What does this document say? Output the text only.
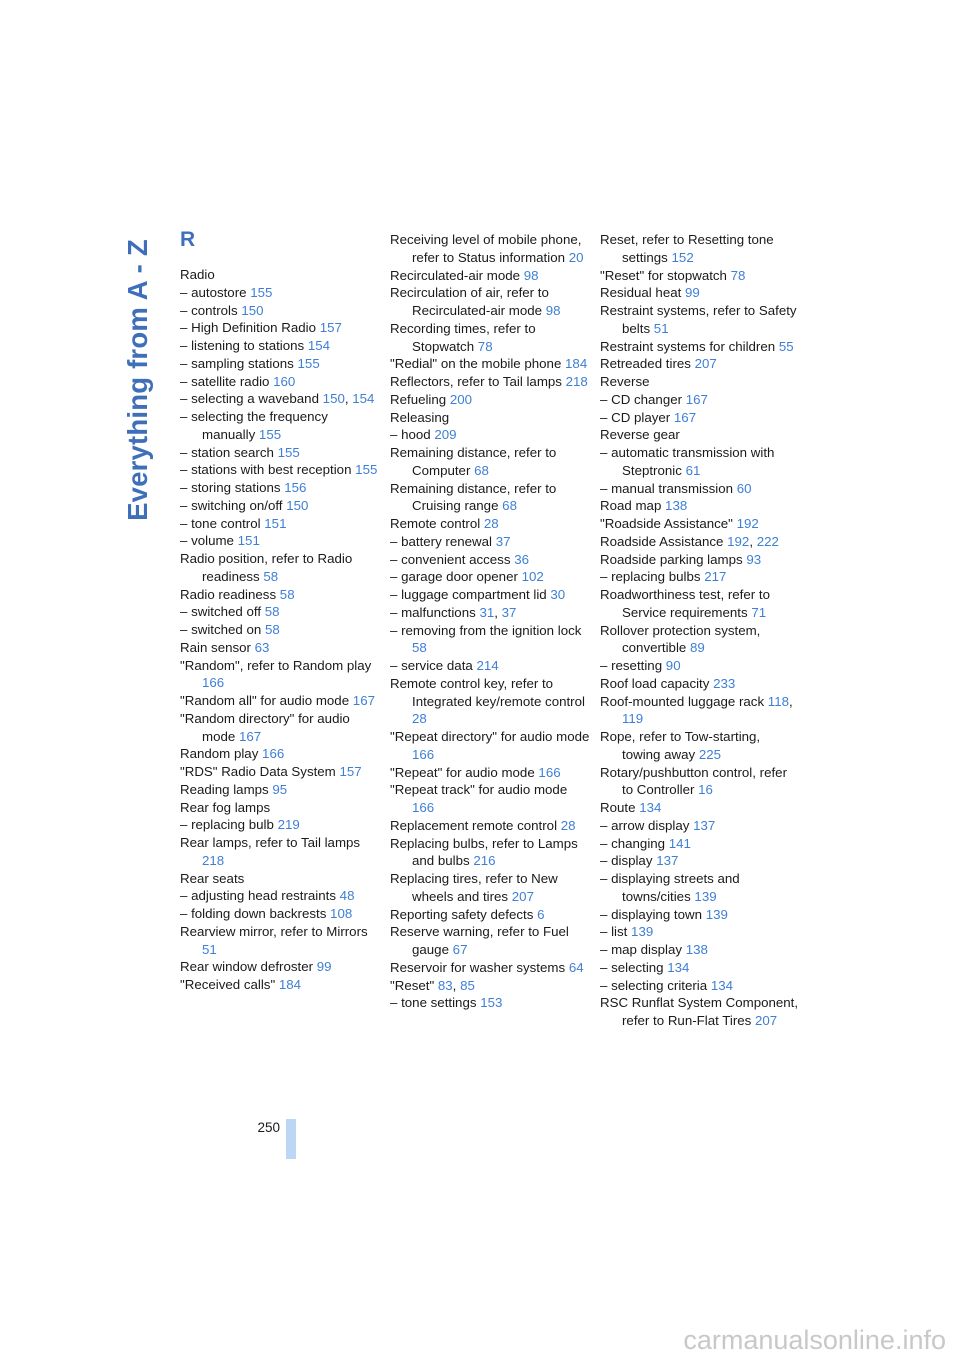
Everything from A - Z R
Radio
– autostore 155
– controls 150
– High Definition Radio 157
– listening to stations 154
– sampling stations 155
– satellite radio 160
– selecting a waveband 150, 154
– selecting the frequency manually 155
– station search 155
– stations with best reception 155
– storing stations 156
– switching on/off 150
– tone control 151
– volume 151
Radio position, refer to Radio readiness 58
Radio readiness 58
– switched off 58
– switched on 58
Rain sensor 63
"Random", refer to Random play 166
"Random all" for audio mode 167
"Random directory" for audio mode 167
Random play 166
"RDS" Radio Data System 157
Reading lamps 95
Rear fog lamps
– replacing bulb 219
Rear lamps, refer to Tail lamps 218
Rear seats
– adjusting head restraints 48
– folding down backrests 108
Rearview mirror, refer to Mirrors 51
Rear window defroster 99
"Received calls" 184
Receiving level of mobile phone, refer to Status information 20
Recirculated-air mode 98
Recirculation of air, refer to Recirculated-air mode 98
Recording times, refer to Stopwatch 78
"Redial" on the mobile phone 184
Reflectors, refer to Tail lamps 218
Refueling 200
Releasing
– hood 209
Remaining distance, refer to Computer 68
Remaining distance, refer to Cruising range 68
Remote control 28
– battery renewal 37
– convenient access 36
– garage door opener 102
– luggage compartment lid 30
– malfunctions 31, 37
– removing from the ignition lock 58
– service data 214
Remote control key, refer to Integrated key/remote control 28
"Repeat directory" for audio mode 166
"Repeat" for audio mode 166
"Repeat track" for audio mode 166
Replacement remote control 28
Replacing bulbs, refer to Lamps and bulbs 216
Replacing tires, refer to New wheels and tires 207
Reporting safety defects 6
Reserve warning, refer to Fuel gauge 67
Reservoir for washer systems 64
"Reset" 83, 85
– tone settings 153
Reset, refer to Resetting tone settings 152
"Reset" for stopwatch 78
Residual heat 99
Restraint systems, refer to Safety belts 51
Restraint systems for children 55
Retreaded tires 207
Reverse
– CD changer 167
– CD player 167
Reverse gear
– automatic transmission with Steptronic 61
– manual transmission 60
Road map 138
"Roadside Assistance" 192
Roadside Assistance 192, 222
Roadside parking lamps 93
– replacing bulbs 217
Roadworthiness test, refer to Service requirements 71
Rollover protection system, convertible 89
– resetting 90
Roof load capacity 233
Roof-mounted luggage rack 118, 119
Rope, refer to Tow-starting, towing away 225
Rotary/pushbutton control, refer to Controller 16
Route 134
– arrow display 137
– changing 141
– display 137
– displaying streets and towns/cities 139
– displaying town 139
– list 139
– map display 138
– selecting 134
– selecting criteria 134
RSC Runflat System Component, refer to Run-Flat Tires 207
250
carmanualsonline.info
